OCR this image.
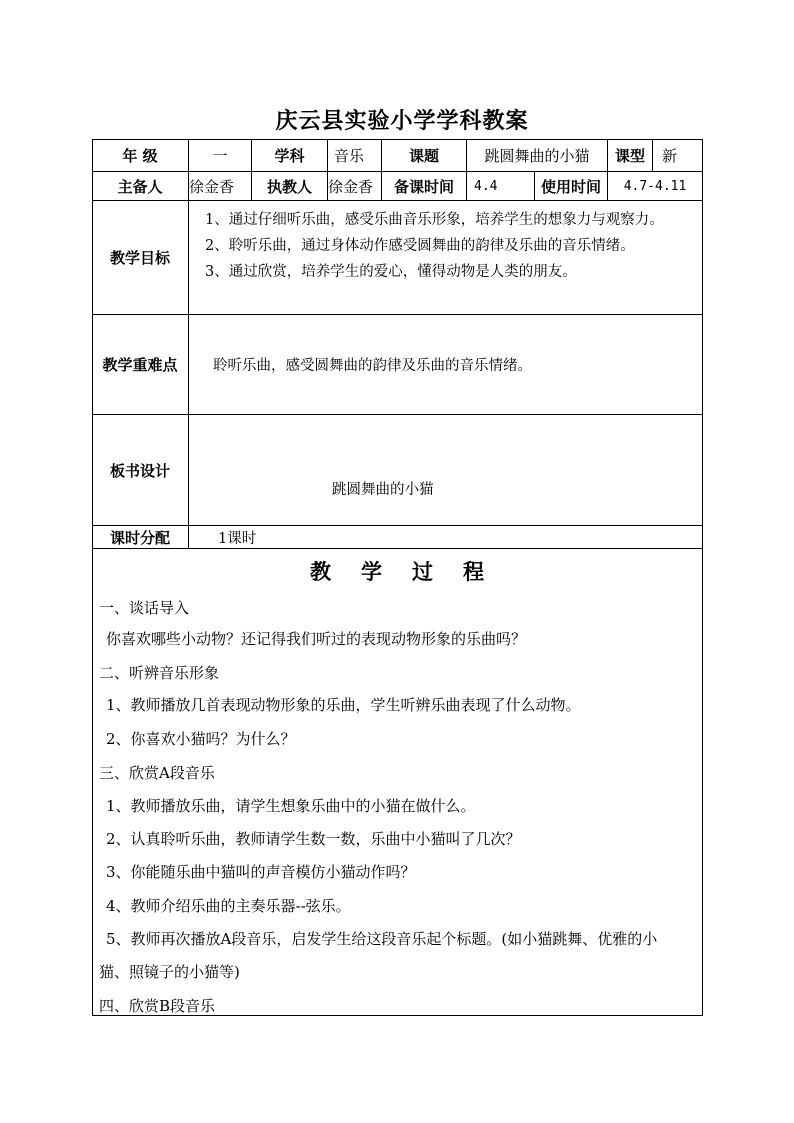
庆云县实验小学学科教案
年 级	一	学科	音乐	课题	跳圆舞曲的小猫	课型	新
主备人	徐金香	执教人	徐金香	备课时间	4.4	使用时间	4.7-4.11
教学目标
1、通过仔细听乐曲，感受乐曲音乐形象，培养学生的想象力与观察力。
2、聆听乐曲，通过身体动作感受圆舞曲的韵律及乐曲的音乐情绪。
3、通过欣赏，培养学生的爱心，懂得动物是人类的朋友。
教学重难点	聆听乐曲，感受圆舞曲的韵律及乐曲的音乐情绪。
板书设计
跳圆舞曲的小猫
课时分配	1课时
教学过程
一、谈话导入
你喜欢哪些小动物？还记得我们听过的表现动物形象的乐曲吗？
二、听辨音乐形象
1、教师播放几首表现动物形象的乐曲，学生听辨乐曲表现了什么动物。
2、你喜欢小猫吗？为什么？
三、欣赏A段音乐
1、教师播放乐曲，请学生想象乐曲中的小猫在做什么。
2、认真聆听乐曲，教师请学生数一数，乐曲中小猫叫了几次？
3、你能随乐曲中猫叫的声音模仿小猫动作吗？
4、教师介绍乐曲的主奏乐器--弦乐。
5、教师再次播放A段音乐，启发学生给这段音乐起个标题。(如小猫跳舞、优雅的小
猫、照镜子的小猫等)
四、欣赏B段音乐
